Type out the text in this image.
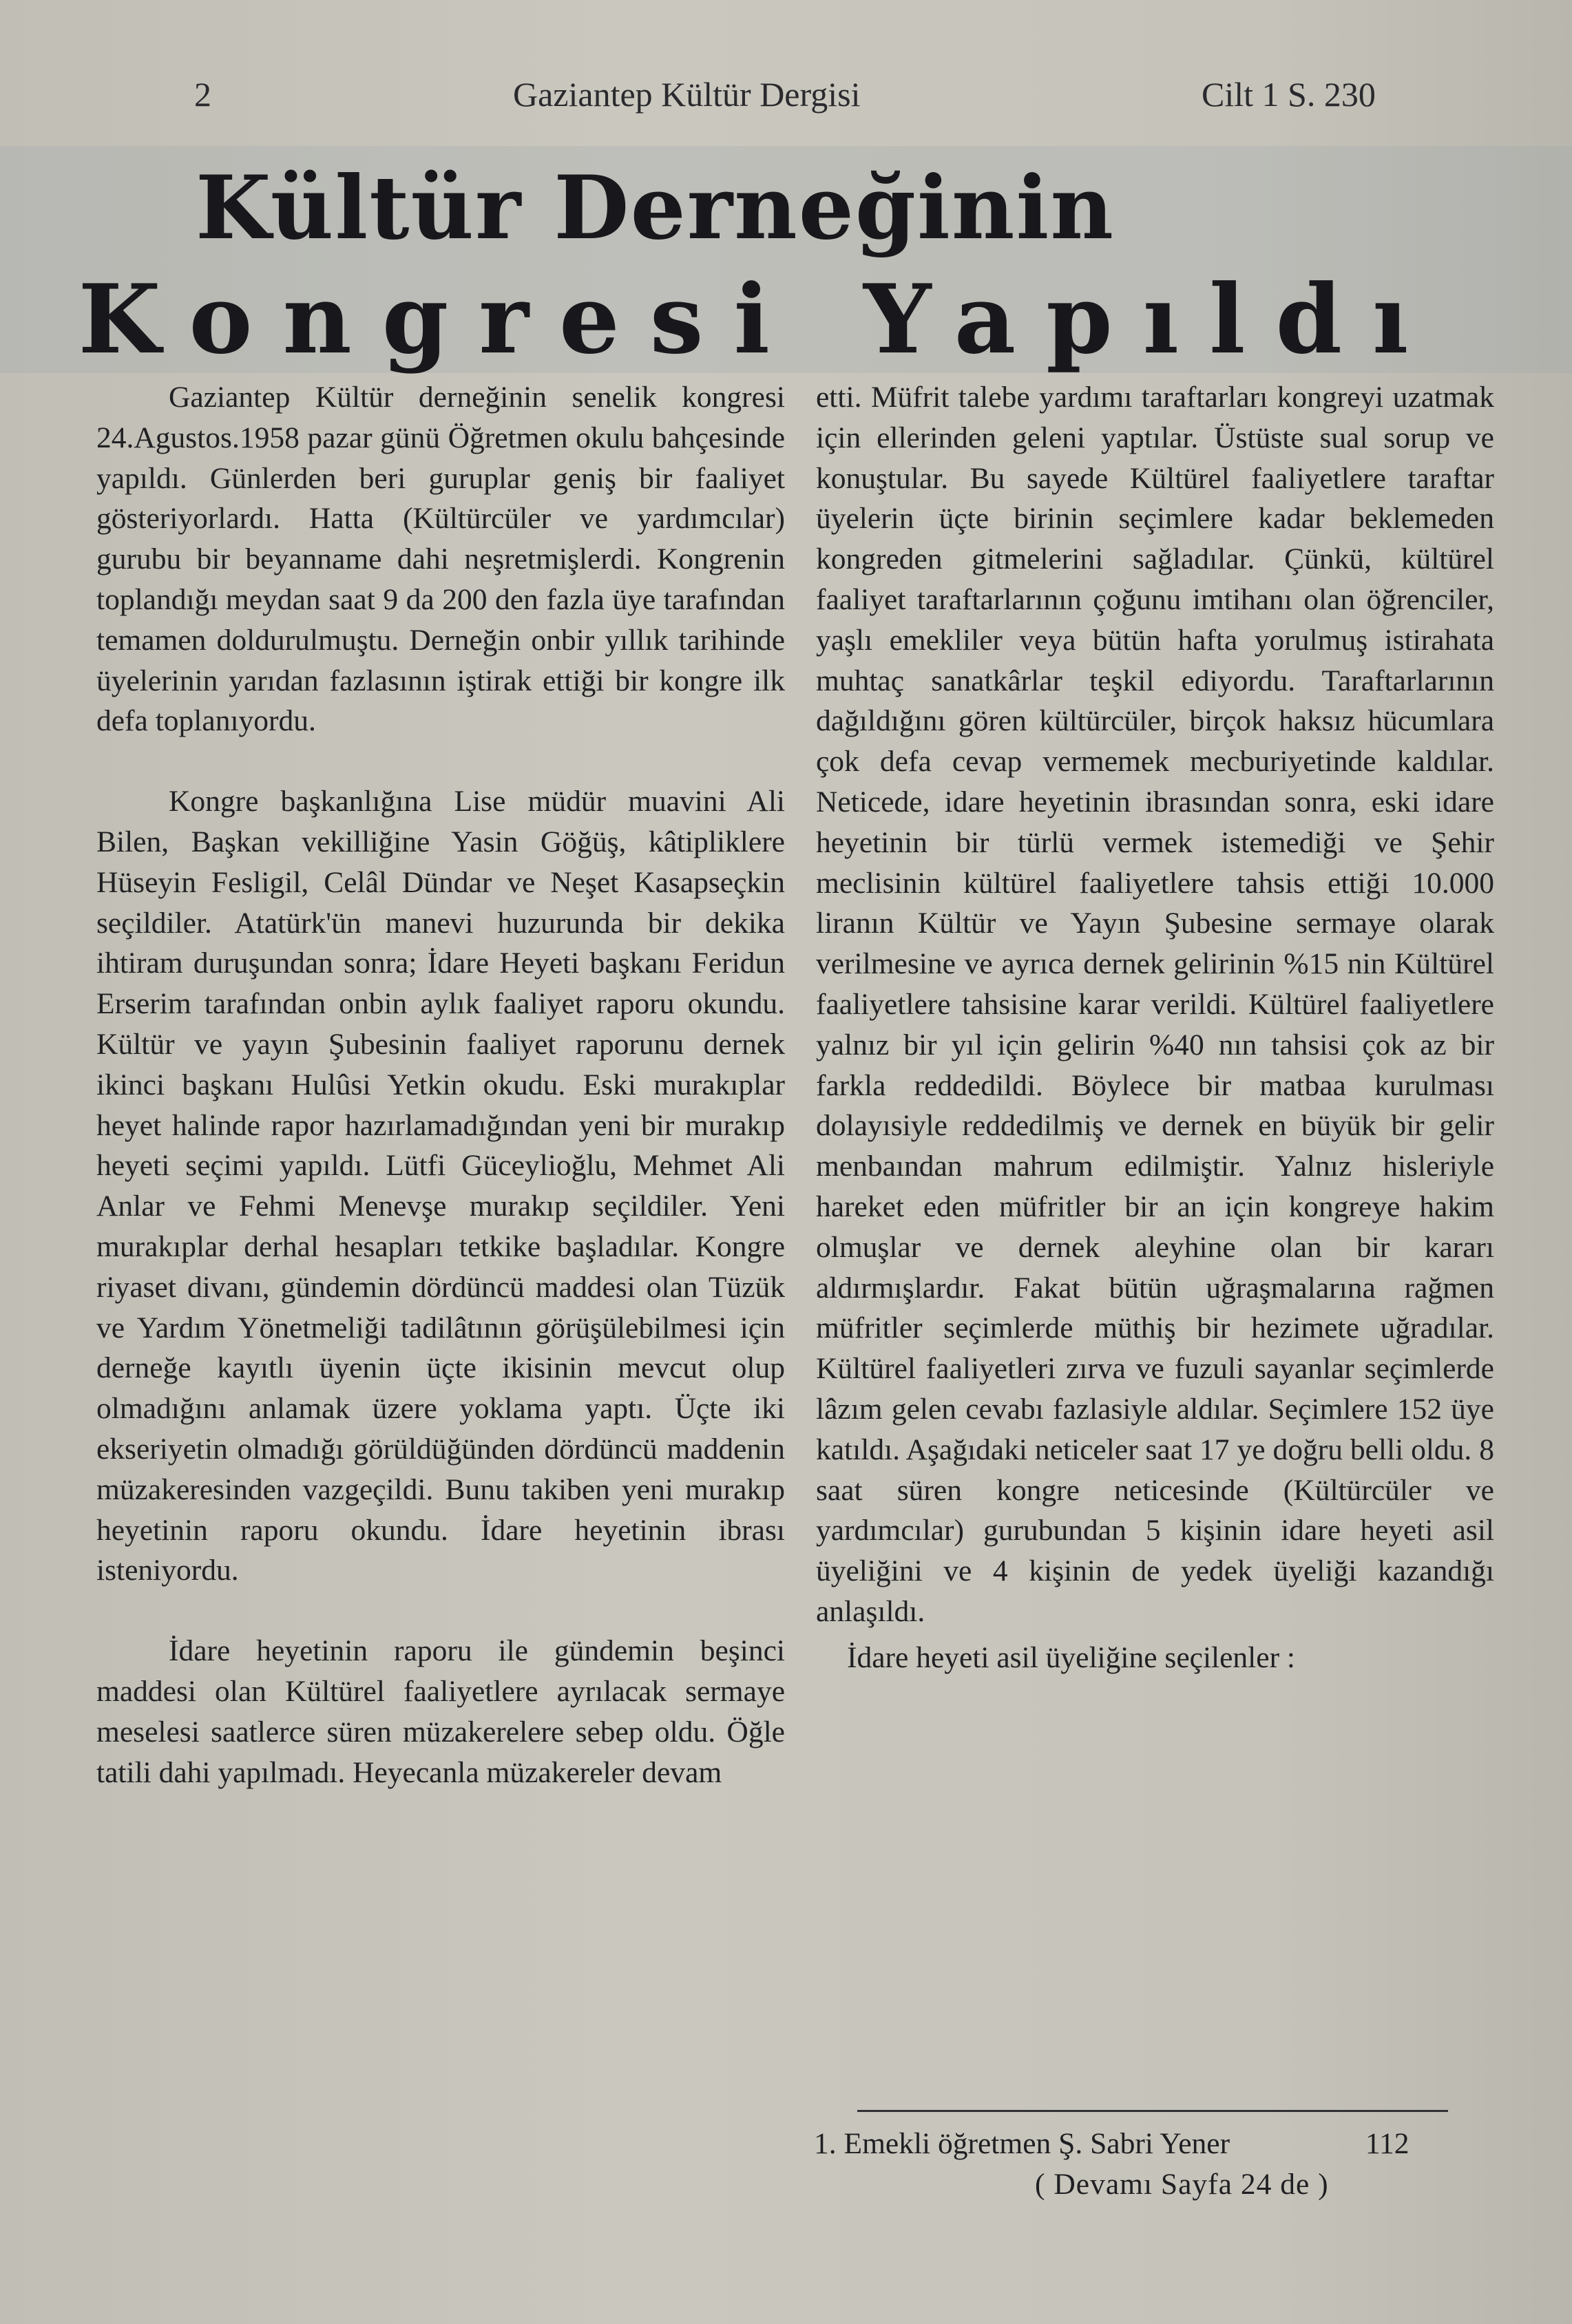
2	Gaziantep Kültür Dergisi	Cilt 1 S. 230
Kültür Derneğinin
Kongresi Yapıldı

Gaziantep Kültür derneğinin senelik kongresi 24.Agustos.1958 pazar günü Öğretmen okulu bahçesinde yapıldı. Günlerden beri guruplar geniş bir faaliyet gösteriyorlardı. Hatta (Kültürcüler ve yardımcılar) gurubu bir beyanname dahi neşretmişlerdi. Kongrenin toplandığı meydan saat 9 da 200 den fazla üye tarafından temamen doldurulmuştu. Derneğin onbir yıllık tarihinde üyelerinin yarıdan fazlasının iştirak ettiği bir kongre ilk defa toplanıyordu.

Kongre başkanlığına Lise müdür muavini Ali Bilen, Başkan vekilliğine Yasin Göğüş, kâtipliklere Hüseyin Fesligil, Celâl Dündar ve Neşet Kasapseçkin seçildiler. Atatürk'ün manevi huzurunda bir dekika ihtiram duruşundan sonra; İdare Heyeti başkanı Feridun Erserim tarafından onbin aylık faaliyet raporu okundu. Kültür ve yayın Şubesinin faaliyet raporunu dernek ikinci başkanı Hulûsi Yetkin okudu. Eski murakıplar heyet halinde rapor hazırlamadığından yeni bir murakıp heyeti seçimi yapıldı. Lütfi Güceylioğlu, Mehmet Ali Anlar ve Fehmi Menevşe murakıp seçildiler. Yeni murakıplar derhal hesapları tetkike başladılar. Kongre riyaset divanı, gündemin dördüncü maddesi olan Tüzük ve Yardım Yönetmeliği tadilâtının görüşülebilmesi için derneğe kayıtlı üyenin üçte ikisinin mevcut olup olmadığını anlamak üzere yoklama yaptı. Üçte iki ekseriyetin olmadığı görüldüğünden dördüncü maddenin müzakeresinden vazgeçildi. Bunu takiben yeni murakıp heyetinin raporu okundu. İdare heyetinin ibrası isteniyordu.

İdare heyetinin raporu ile gündemin beşinci maddesi olan Kültürel faaliyetlere ayrılacak sermaye meselesi saatlerce süren müzakerelere sebep oldu. Öğle tatili dahi yapılmadı. Heyecanla müzakereler devam

etti. Müfrit talebe yardımı taraftarları kongreyi uzatmak için ellerinden geleni yaptılar. Üstüste sual sorup ve konuştular. Bu sayede Kültürel faaliyetlere taraftar üyelerin üçte birinin seçimlere kadar beklemeden kongreden gitmelerini sağladılar. Çünkü, kültürel faaliyet taraftarlarının çoğunu imtihanı olan öğrenciler, yaşlı emekliler veya bütün hafta yorulmuş istirahata muhtaç sanatkârlar teşkil ediyordu. Taraftarlarının dağıldığını gören kültürcüler, birçok haksız hücumlara çok defa cevap vermemek mecburiyetinde kaldılar. Neticede, idare heyetinin ibrasından sonra, eski idare heyetinin bir türlü vermek istemediği ve Şehir meclisinin kültürel faaliyetlere tahsis ettiği 10.000 liranın Kültür ve Yayın Şubesine sermaye olarak verilmesine ve ayrıca dernek gelirinin %15 nin Kültürel faaliyetlere tahsisine karar verildi. Kültürel faaliyetlere yalnız bir yıl için gelirin %40 nın tahsisi çok az bir farkla reddedildi. Böylece bir matbaa kurulması dolayısiyle reddedilmiş ve dernek en büyük bir gelir menbaından mahrum edilmiştir. Yalnız hisleriyle hareket eden müfritler bir an için kongreye hakim olmuşlar ve dernek aleyhine olan bir kararı aldırmışlardır. Fakat bütün uğraşmalarına rağmen müfritler seçimlerde müthiş bir hezimete uğradılar. Kültürel faaliyetleri zırva ve fuzuli sayanlar seçimlerde lâzım gelen cevabı fazlasiyle aldılar. Seçimlere 152 üye katıldı. Aşağıdaki neticeler saat 17 ye doğru belli oldu. 8 saat süren kongre neticesinde (Kültürcüler ve yardımcılar) gurubundan 5 kişinin idare heyeti asil üyeliğini ve 4 kişinin de yedek üyeliği kazandığı anlaşıldı.

İdare heyeti asil üyeliğine seçilenler :

1. Emekli öğretmen Ş. Sabri Yener	112
( Devamı Sayfa 24 de )
